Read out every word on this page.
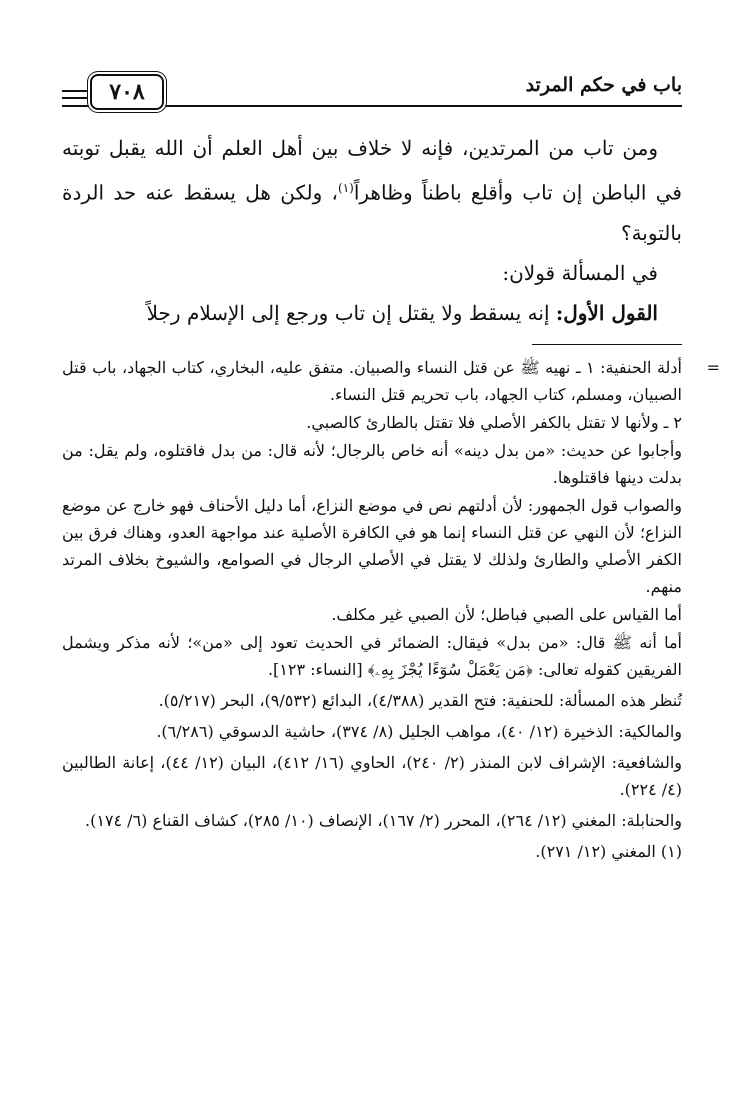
باب في حكم المرتد
٧٠٨

ومن تاب من المرتدين، فإنه لا خلاف بين أهل العلم أن الله يقبل توبته في الباطن إن تاب وأقلع باطناً وظاهراً$^{(١)}$، ولكن هل يسقط عنه حد الردة بالتوبة؟

في المسألة قولان:

القول الأول: إنه يسقط ولا يقتل إن تاب ورجع إلى الإسلام رجلاً

=

أدلة الحنفية: ١ ـ نهيه ﷺ عن قتل النساء والصبيان. متفق عليه، البخاري، كتاب الجهاد، باب قتل الصبيان، ومسلم، كتاب الجهاد، باب تحريم قتل النساء.

٢ ـ ولأنها لا تقتل بالكفر الأصلي فلا تقتل بالطارئ كالصبي.

وأجابوا عن حديث: «من بدل دينه» أنه خاص بالرجال؛ لأنه قال: من بدل فاقتلوه، ولم يقل: من بدلت دينها فاقتلوها.

والصواب قول الجمهور: لأن أدلتهم نص في موضع النزاع، أما دليل الأحناف فهو خارج عن موضع النزاع؛ لأن النهي عن قتل النساء إنما هو في الكافرة الأصلية عند مواجهة العدو، وهناك فرق بين الكفر الأصلي والطارئ ولذلك لا يقتل في الأصلي الرجال في الصوامع، والشيوخ بخلاف المرتد منهم.

أما القياس على الصبي فباطل؛ لأن الصبي غير مكلف.

أما أنه ﷺ قال: «من بدل» فيقال: الضمائر في الحديث تعود إلى «من»؛ لأنه مذكر ويشمل الفريقين كقوله تعالى: ﴿مَن يَعْمَلْ سُوٓءًا يُجْزَ بِهِۦ﴾ [النساء: ١٢٣].

تُنظر هذه المسألة: للحنفية: فتح القدير (٤/٣٨٨)، البدائع (٩/٥٣٢)، البحر (٥/٢١٧).

والمالكية: الذخيرة (١٢/ ٤٠)، مواهب الجليل (٨/ ٣٧٤)، حاشية الدسوقي (٦/٢٨٦).

والشافعية: الإشراف لابن المنذر (٢/ ٢٤٠)، الحاوي (١٦/ ٤١٢)، البيان (١٢/ ٤٤)، إعانة الطالبين (٤/ ٢٢٤).

والحنابلة: المغني (١٢/ ٢٦٤)، المحرر (٢/ ١٦٧)، الإنصاف (١٠/ ٢٨٥)، كشاف القناع (٦/ ١٧٤).

(١) المغني (١٢/ ٢٧١).
